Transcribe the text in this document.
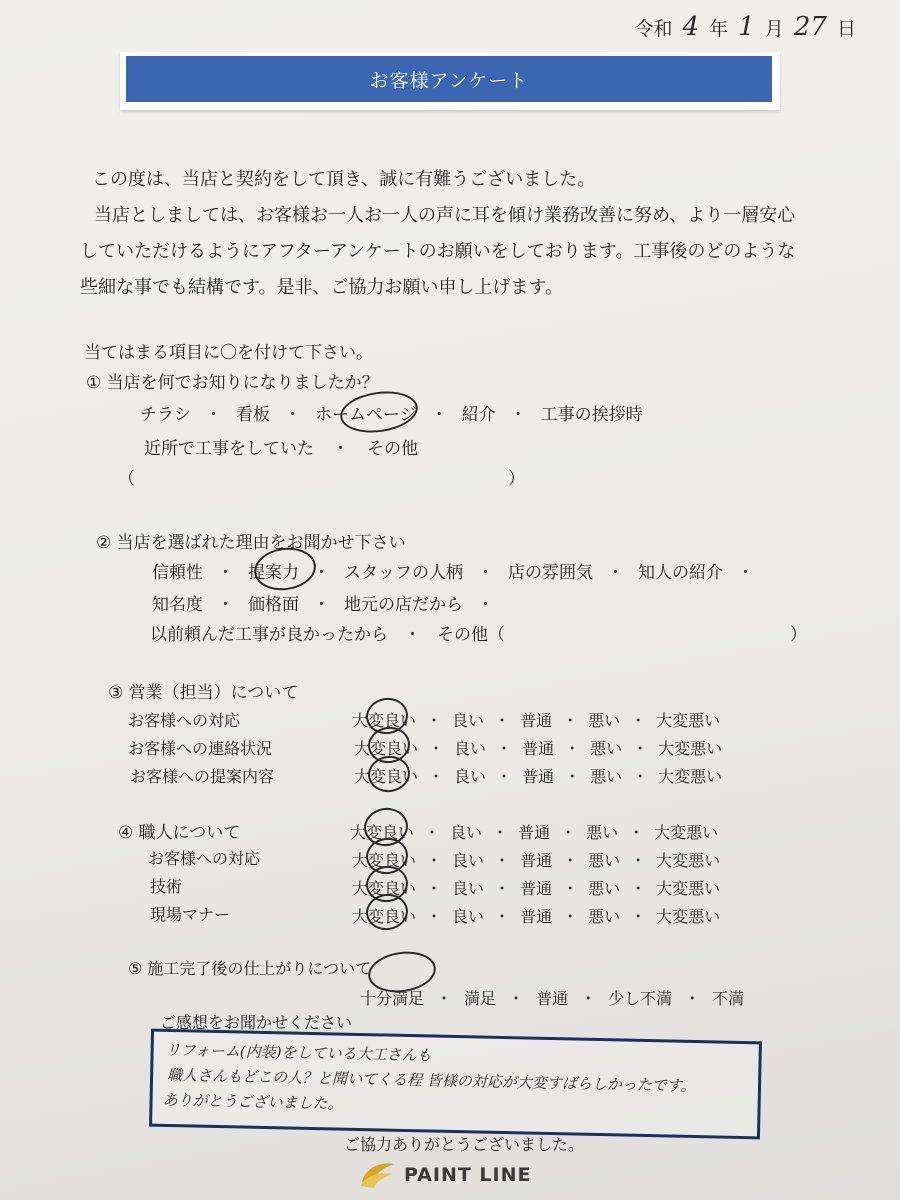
令和 4 年 1 月 27 日
お客様アンケート

この度は、当店と契約をして頂き、誠に有難うございました。

当店としましては、お客様お一人お一人の声に耳を傾け業務改善に努め、より一層安心

していただけるようにアフターアンケートのお願いをしております。工事後のどのような

些細な事でも結構です。是非、ご協力お願い申し上げます。

当てはまる項目に〇を付けて下さい。
① 当店を何でお知りになりましたか？
チラシ ・ 看板 ・ ホームページ ・ 紹介 ・ 工事の挨拶時
近所で工事をしていた ・ その他
（	）
② 当店を選ばれた理由をお聞かせ下さい
信頼性 ・ 提案力 ・ スタッフの人柄 ・ 店の雰囲気 ・ 知人の紹介 ・
知名度 ・ 価格面 ・ 地元の店だから ・
以前頼んだ工事が良かったから ・ その他（	）
③ 営業（担当）について
お客様への対応	大変良い ・ 良い ・ 普通 ・ 悪い ・ 大変悪い
お客様への連絡状況	大変良い ・ 良い ・ 普通 ・ 悪い ・ 大変悪い
お客様への提案内容	大変良い ・ 良い ・ 普通 ・ 悪い ・ 大変悪い
④ 職人について	大変良い ・ 良い ・ 普通 ・ 悪い ・ 大変悪い
お客様への対応	大変良い ・ 良い ・ 普通 ・ 悪い ・ 大変悪い
技術	大変良い ・ 良い ・ 普通 ・ 悪い ・ 大変悪い
現場マナー	大変良い ・ 良い ・ 普通 ・ 悪い ・ 大変悪い
⑤ 施工完了後の仕上がりについて
十分満足 ・ 満足 ・ 普通 ・ 少し不満 ・ 不満
ご感想をお聞かせください
リフォーム(内装)をしている大工さんも
職人さんもどこの人？と聞いてくる程 皆様の対応が大変すばらしかったです。
ありがとうございました。
ご協力ありがとうございました。
PAINT LINE
